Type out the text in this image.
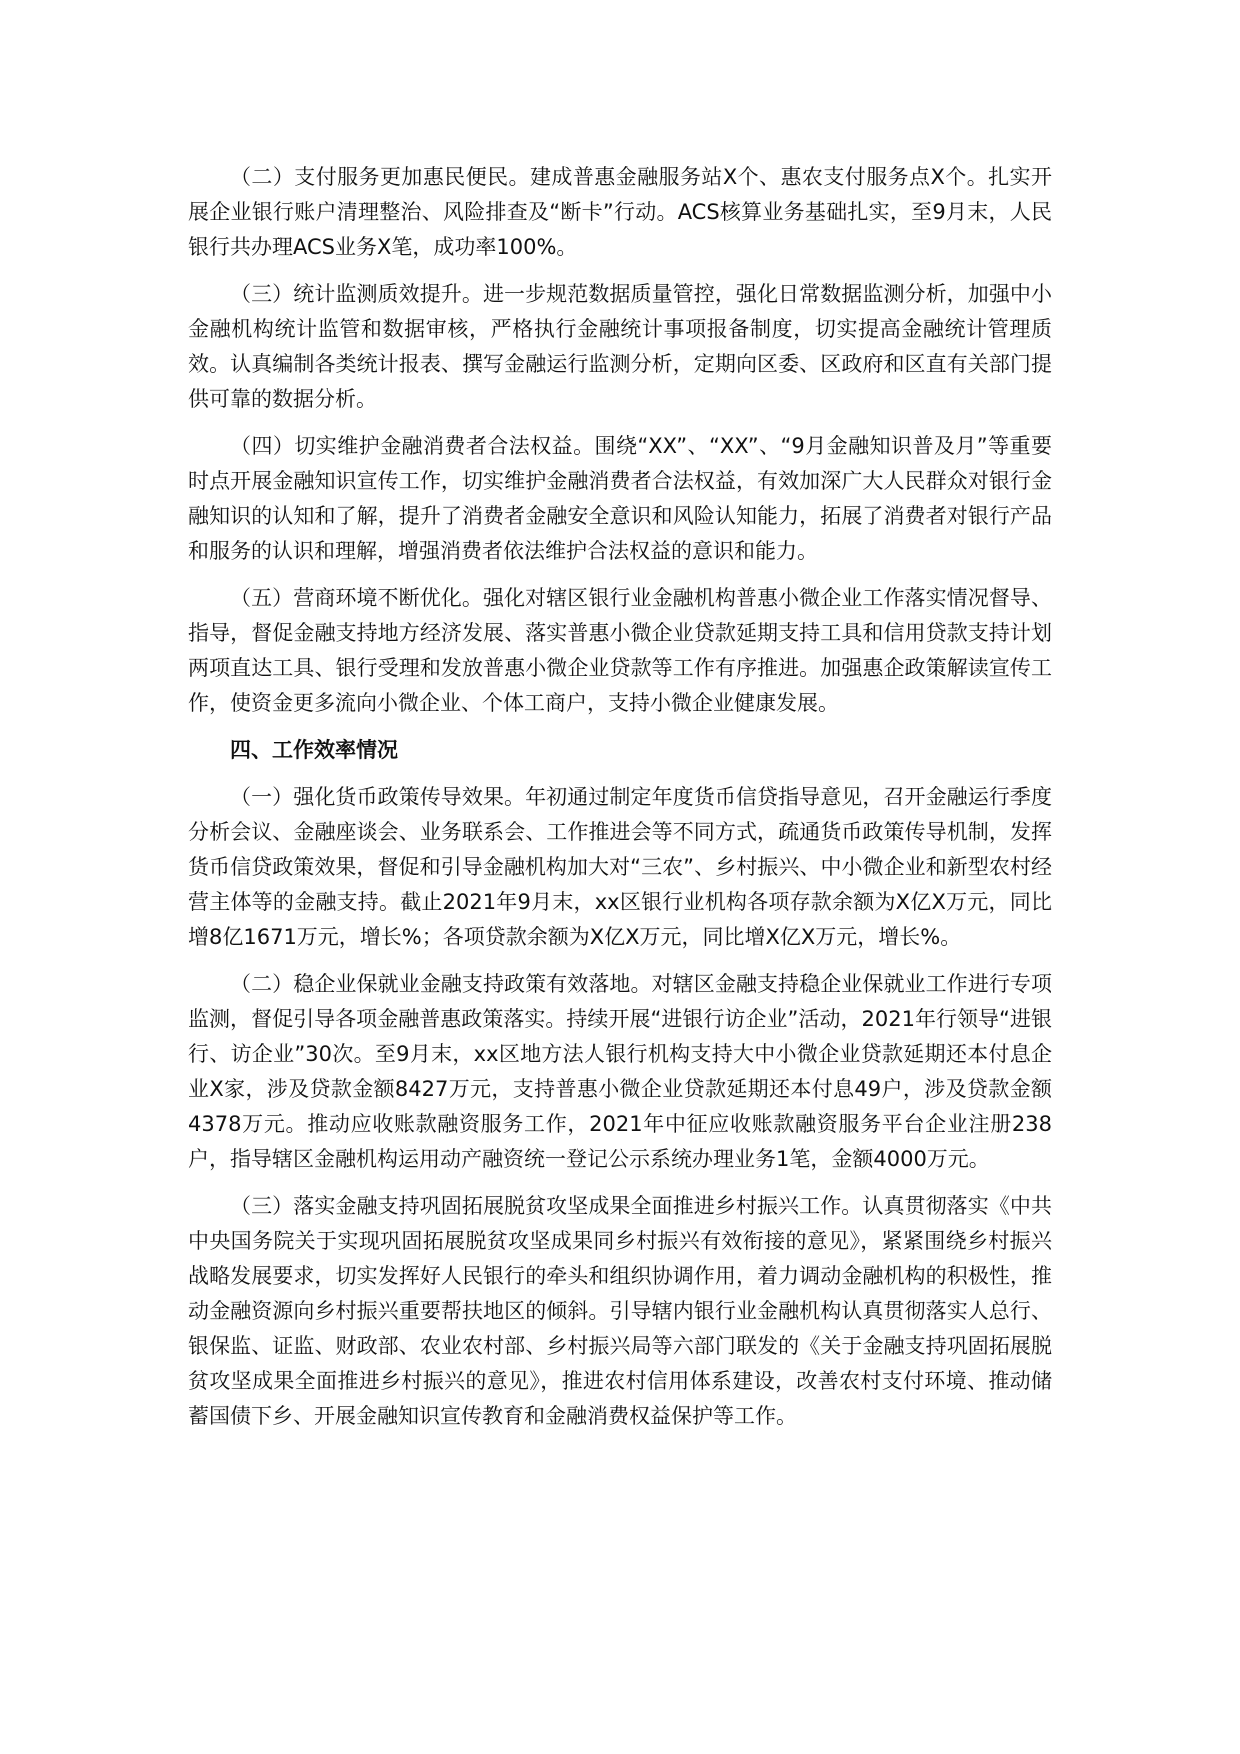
（二）支付服务更加惠民便民。建成普惠金融服务站X个、惠农支付服务点X个。扎实开展企业银行账户清理整治、风险排查及“断卡”行动。ACS核算业务基础扎实，至9月末，人民银行共办理ACS业务X笔，成功率100%。

（三）统计监测质效提升。进一步规范数据质量管控，强化日常数据监测分析，加强中小金融机构统计监管和数据审核，严格执行金融统计事项报备制度，切实提高金融统计管理质效。认真编制各类统计报表、撰写金融运行监测分析，定期向区委、区政府和区直有关部门提供可靠的数据分析。

（四）切实维护金融消费者合法权益。围绕“XX”、“XX”、“9月金融知识普及月”等重要时点开展金融知识宣传工作，切实维护金融消费者合法权益，有效加深广大人民群众对银行金融知识的认知和了解，提升了消费者金融安全意识和风险认知能力，拓展了消费者对银行产品和服务的认识和理解，增强消费者依法维护合法权益的意识和能力。

（五）营商环境不断优化。强化对辖区银行业金融机构普惠小微企业工作落实情况督导、指导，督促金融支持地方经济发展、落实普惠小微企业贷款延期支持工具和信用贷款支持计划两项直达工具、银行受理和发放普惠小微企业贷款等工作有序推进。加强惠企政策解读宣传工作，使资金更多流向小微企业、个体工商户，支持小微企业健康发展。

四、工作效率情况

（一）强化货币政策传导效果。年初通过制定年度货币信贷指导意见，召开金融运行季度分析会议、金融座谈会、业务联系会、工作推进会等不同方式，疏通货币政策传导机制，发挥货币信贷政策效果，督促和引导金融机构加大对“三农”、乡村振兴、中小微企业和新型农村经营主体等的金融支持。截止2021年9月末，xx区银行业机构各项存款余额为X亿X万元，同比增8亿1671万元，增长%；各项贷款余额为X亿X万元，同比增X亿X万元，增长%。

（二）稳企业保就业金融支持政策有效落地。对辖区金融支持稳企业保就业工作进行专项监测，督促引导各项金融普惠政策落实。持续开展“进银行访企业”活动，2021年行领导“进银行、访企业”30次。至9月末，xx区地方法人银行机构支持大中小微企业贷款延期还本付息企业X家，涉及贷款金额8427万元，支持普惠小微企业贷款延期还本付息49户，涉及贷款金额4378万元。推动应收账款融资服务工作，2021年中征应收账款融资服务平台企业注册238户，指导辖区金融机构运用动产融资统一登记公示系统办理业务1笔，金额4000万元。

（三）落实金融支持巩固拓展脱贫攻坚成果全面推进乡村振兴工作。认真贯彻落实《中共中央国务院关于实现巩固拓展脱贫攻坚成果同乡村振兴有效衔接的意见》，紧紧围绕乡村振兴战略发展要求，切实发挥好人民银行的牵头和组织协调作用，着力调动金融机构的积极性，推动金融资源向乡村振兴重要帮扶地区的倾斜。引导辖内银行业金融机构认真贯彻落实人总行、银保监、证监、财政部、农业农村部、乡村振兴局等六部门联发的《关于金融支持巩固拓展脱贫攻坚成果全面推进乡村振兴的意见》，推进农村信用体系建设，改善农村支付环境、推动储蓄国债下乡、开展金融知识宣传教育和金融消费权益保护等工作。
